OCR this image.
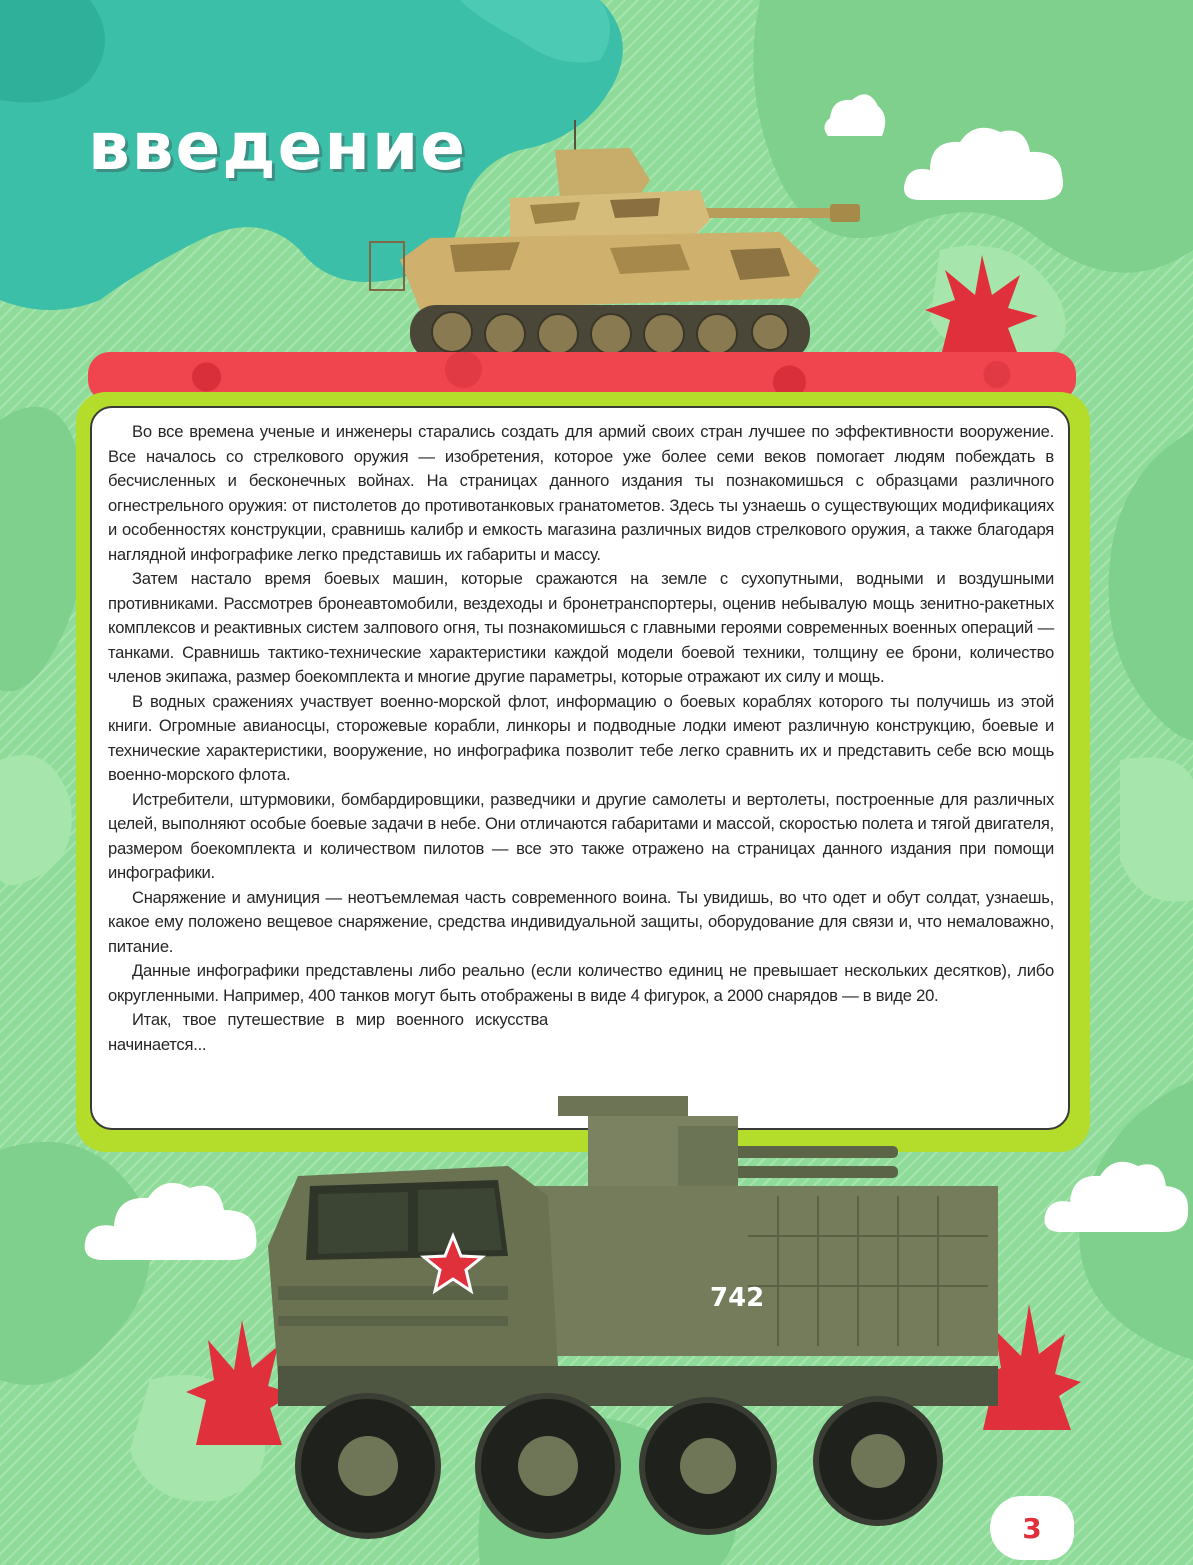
введение

Во все времена ученые и инженеры старались создать для армий своих стран лучшее по эффективности вооружение. Все началось со стрелкового оружия — изобретения, которое уже более семи веков помогает людям побеждать в бесчисленных и бесконечных войнах. На страницах данного издания ты познакомишься с образцами различного огнестрельного оружия: от пистолетов до противотанковых гранатометов. Здесь ты узнаешь о существующих модификациях и особенностях конструкции, сравнишь калибр и емкость магазина различных видов стрелкового оружия, а также благодаря наглядной инфографике легко представишь их габариты и массу.

Затем настало время боевых машин, которые сражаются на земле с сухопутными, водными и воздушными противниками. Рассмотрев бронеавтомобили, вездеходы и бронетранспортеры, оценив небывалую мощь зенитно-ракетных комплексов и реактивных систем залпового огня, ты познакомишься с главными героями современных военных операций — танками. Сравнишь тактико-технические характеристики каждой модели боевой техники, толщину ее брони, количество членов экипажа, размер боекомплекта и многие другие параметры, которые отражают их силу и мощь.

В водных сражениях участвует военно-морской флот, информацию о боевых кораблях которого ты получишь из этой книги. Огромные авианосцы, сторожевые корабли, линкоры и подводные лодки имеют различную конструкцию, боевые и технические характеристики, вооружение, но инфографика позволит тебе легко сравнить их и представить себе всю мощь военно-морского флота.

Истребители, штурмовики, бомбардировщики, разведчики и другие самолеты и вертолеты, построенные для различных целей, выполняют особые боевые задачи в небе. Они отличаются габаритами и массой, скоростью полета и тягой двигателя, размером боекомплекта и количеством пилотов — все это также отражено на страницах данного издания при помощи инфографики.

Снаряжение и амуниция — неотъемлемая часть современного воина. Ты увидишь, во что одет и обут солдат, узнаешь, какое ему положено вещевое снаряжение, средства индивидуальной защиты, оборудование для связи и, что немаловажно, питание.

Данные инфографики представлены либо реально (если количество единиц не превышает нескольких десятков), либо округленными. Например, 400 танков могут быть отображены в виде 4 фигурок, а 2000 снарядов — в виде 20.

Итак, твое путешествие в мир военного искусства начинается...

742
3
